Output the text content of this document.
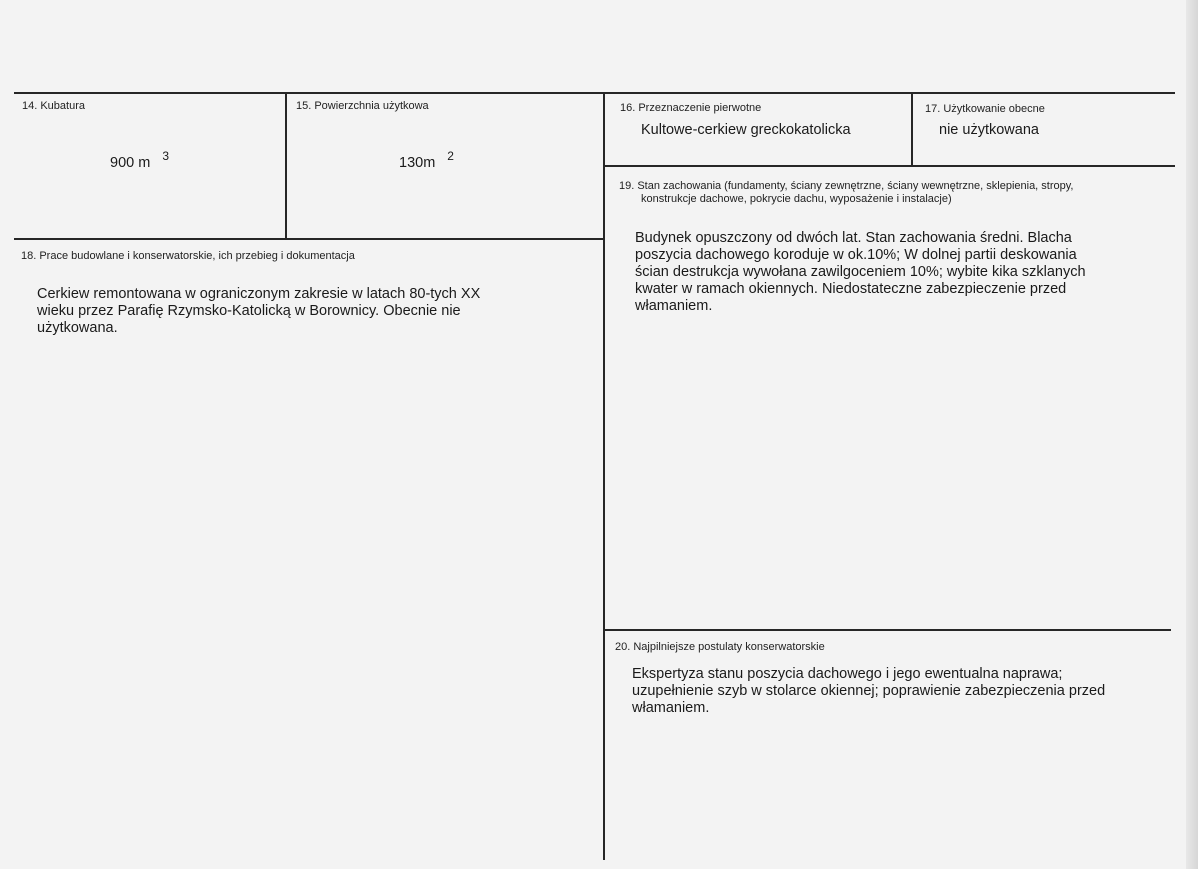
14. Kubatura
900 m $^3$
15. Powierzchnia użytkowa
130m $^2$
16. Przeznaczenie pierwotne
Kultowe-cerkiew greckokatolicka
17. Użytkowanie obecne
nie użytkowana
18. Prace budowlane i konserwatorskie, ich przebieg i dokumentacja
Cerkiew remontowana w ograniczonym zakresie w latach 80-tych XX
wieku przez Parafię Rzymsko-Katolicką w Borownicy. Obecnie nie
użytkowana.
19. Stan zachowania (fundamenty, ściany zewnętrzne, ściany wewnętrzne, sklepienia, stropy,
konstrukcje dachowe, pokrycie dachu, wyposażenie i instalacje)
Budynek opuszczony od dwóch lat. Stan zachowania średni. Blacha
poszycia dachowego koroduje w ok.10%; W dolnej partii deskowania
ścian destrukcja wywołana zawilgoceniem 10%; wybite kika szklanych
kwater w ramach okiennych. Niedostateczne zabezpieczenie przed
włamaniem.
20. Najpilniejsze postulaty konserwatorskie
Ekspertyza stanu poszycia dachowego i jego ewentualna naprawa;
uzupełnienie szyb w stolarce okiennej; poprawienie zabezpieczenia przed
włamaniem.
